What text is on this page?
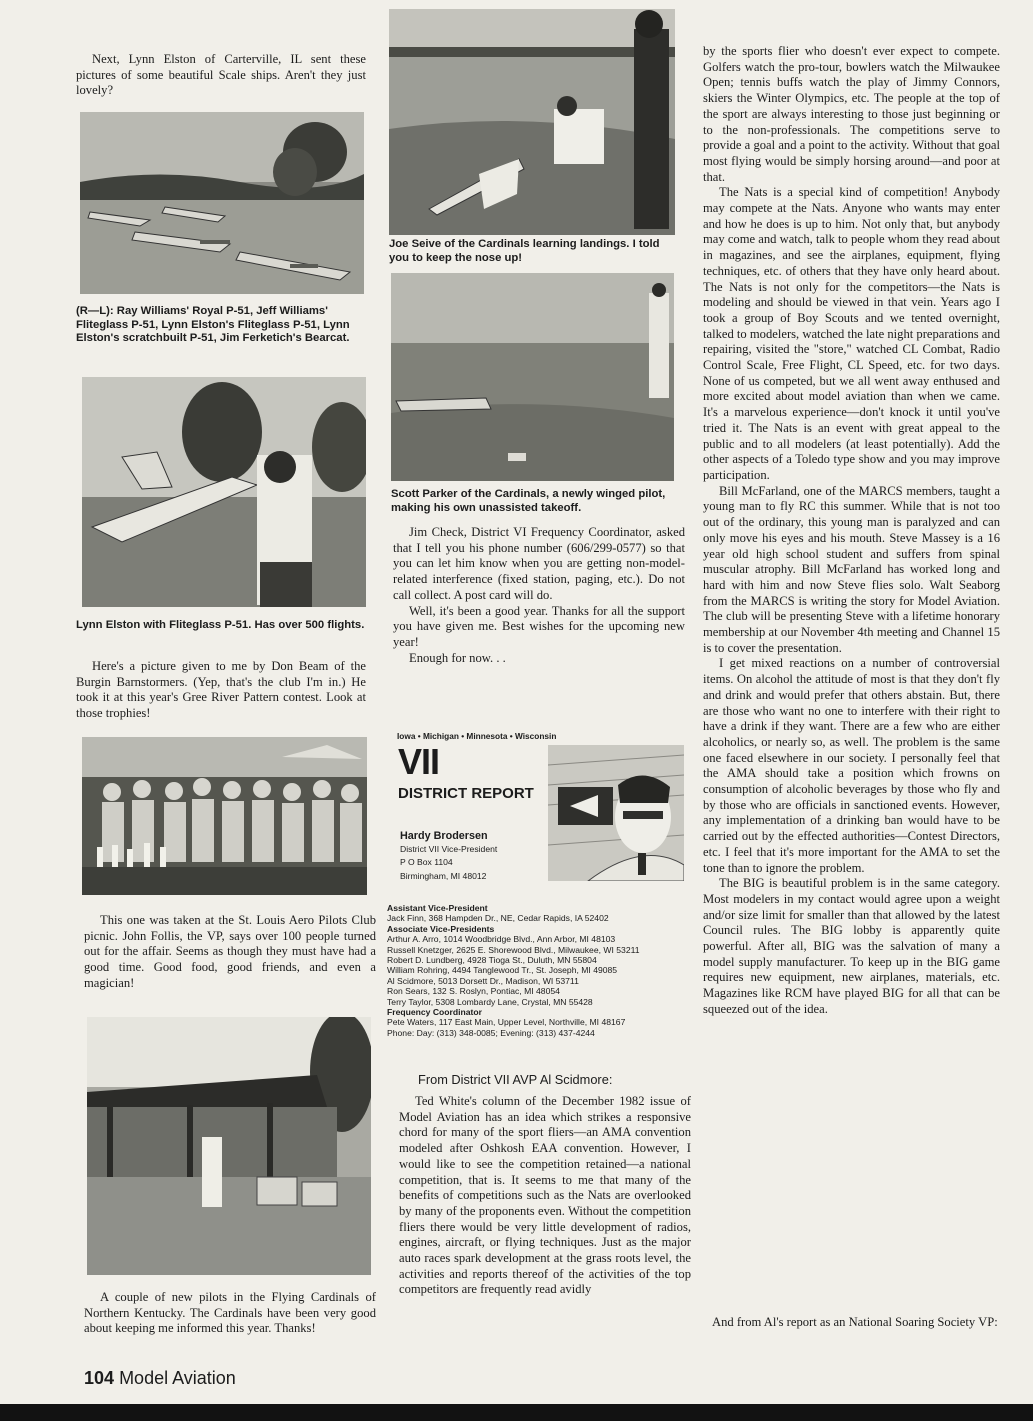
Next, Lynn Elston of Carterville, IL sent these pictures of some beautiful Scale ships. Aren't they just lovely?

(R—L): Ray Williams' Royal P-51, Jeff Williams' Fliteglass P-51, Lynn Elston's Fliteglass P-51, Lynn Elston's scratchbuilt P-51, Jim Ferketich's Bearcat.

Lynn Elston with Fliteglass P-51. Has over 500 flights.

Here's a picture given to me by Don Beam of the Burgin Barnstormers. (Yep, that's the club I'm in.) He took it at this year's Gree River Pattern contest. Look at those trophies!

This one was taken at the St. Louis Aero Pilots Club picnic. John Follis, the VP, says over 100 people turned out for the affair. Seems as though they must have had a good time. Good food, good friends, and even a magician!

A couple of new pilots in the Flying Cardinals of Northern Kentucky. The Cardinals have been very good about keeping me informed this year. Thanks!

104 Model Aviation

Joe Seive of the Cardinals learning landings. I told you to keep the nose up!

Scott Parker of the Cardinals, a newly winged pilot, making his own unassisted takeoff.

Jim Check, District VI Frequency Coordinator, asked that I tell you his phone number (606/299-0577) so that you can let him know when you are getting non-model-related interference (fixed station, paging, etc.). Do not call collect. A post card will do.

Well, it's been a good year. Thanks for all the support you have given me. Best wishes for the upcoming new year!

Enough for now. . .

Iowa • Michigan • Minnesota • Wisconsin
VII
DISTRICT REPORT
Hardy Brodersen
District VII Vice-President
P O Box 1104
Birmingham, MI 48012
Assistant Vice-President
Jack Finn, 368 Hampden Dr., NE, Cedar Rapids, IA 52402
Associate Vice-Presidents
Arthur A. Arro, 1014 Woodbridge Blvd., Ann Arbor, MI 48103
Russell Knetzger, 2625 E. Shorewood Blvd., Milwaukee, WI 53211
Robert D. Lundberg, 4928 Tioga St., Duluth, MN 55804
William Rohring, 4494 Tanglewood Tr., St. Joseph, MI 49085
Al Scidmore, 5013 Dorsett Dr., Madison, WI 53711
Ron Sears, 132 S. Roslyn, Pontiac, MI 48054
Terry Taylor, 5308 Lombardy Lane, Crystal, MN 55428
Frequency Coordinator
Pete Waters, 117 East Main, Upper Level, Northville, MI 48167
Phone: Day: (313) 348-0085; Evening: (313) 437-4244
From District VII AVP Al Scidmore:

Ted White's column of the December 1982 issue of Model Aviation has an idea which strikes a responsive chord for many of the sport fliers—an AMA convention modeled after Oshkosh EAA convention. However, I would like to see the competition retained—a national competition, that is. It seems to me that many of the benefits of competitions such as the Nats are overlooked by many of the proponents even. Without the competition fliers there would be very little development of radios, engines, aircraft, or flying techniques. Just as the major auto races spark development at the grass roots level, the activities and reports thereof of the activities of the top competitors are frequently read avidly

by the sports flier who doesn't ever expect to compete. Golfers watch the pro-tour, bowlers watch the Milwaukee Open; tennis buffs watch the play of Jimmy Connors, skiers the Winter Olympics, etc. The people at the top of the sport are always interesting to those just beginning or to the non-professionals. The competitions serve to provide a goal and a point to the activity. Without that goal most flying would be simply horsing around—and poor at that.

The Nats is a special kind of competition! Anybody may compete at the Nats. Anyone who wants may enter and how he does is up to him. Not only that, but anybody may come and watch, talk to people whom they read about in magazines, and see the airplanes, equipment, flying techniques, etc. of others that they have only heard about. The Nats is not only for the competitors—the Nats is modeling and should be viewed in that vein. Years ago I took a group of Boy Scouts and we tented overnight, talked to modelers, watched the late night preparations and repairing, visited the "store," watched CL Combat, Radio Control Scale, Free Flight, CL Speed, etc. for two days. None of us competed, but we all went away enthused and more excited about model aviation than when we came. It's a marvelous experience—don't knock it until you've tried it. The Nats is an event with great appeal to the public and to all modelers (at least potentially). Add the other aspects of a Toledo type show and you may improve participation.

Bill McFarland, one of the MARCS members, taught a young man to fly RC this summer. While that is not too out of the ordinary, this young man is paralyzed and can only move his eyes and his mouth. Steve Massey is a 16 year old high school student and suffers from spinal muscular atrophy. Bill McFarland has worked long and hard with him and now Steve flies solo. Walt Seaborg from the MARCS is writing the story for Model Aviation. The club will be presenting Steve with a lifetime honorary membership at our November 4th meeting and Channel 15 is to cover the presentation.

I get mixed reactions on a number of controversial items. On alcohol the attitude of most is that they don't fly and drink and would prefer that others abstain. But, there are those who want no one to interfere with their right to have a drink if they want. There are a few who are either alcoholics, or nearly so, as well. The problem is the same one faced elsewhere in our society. I personally feel that the AMA should take a position which frowns on consumption of alcoholic beverages by those who fly and by those who are officials in sanctioned events. However, any implementation of a drinking ban would have to be carried out by the effected authorities—Contest Directors, etc. I feel that it's more important for the AMA to set the tone than to ignore the problem.

The BIG is beautiful problem is in the same category. Most modelers in my contact would agree upon a weight and/or size limit for smaller than that allowed by the latest Council rules. The BIG lobby is apparently quite powerful. After all, BIG was the salvation of many a model supply manufacturer. To keep up in the BIG game requires new equipment, new airplanes, materials, etc. Magazines like RCM have played BIG for all that can be squeezed out of the idea.

And from Al's report as an National Soaring Society VP:
